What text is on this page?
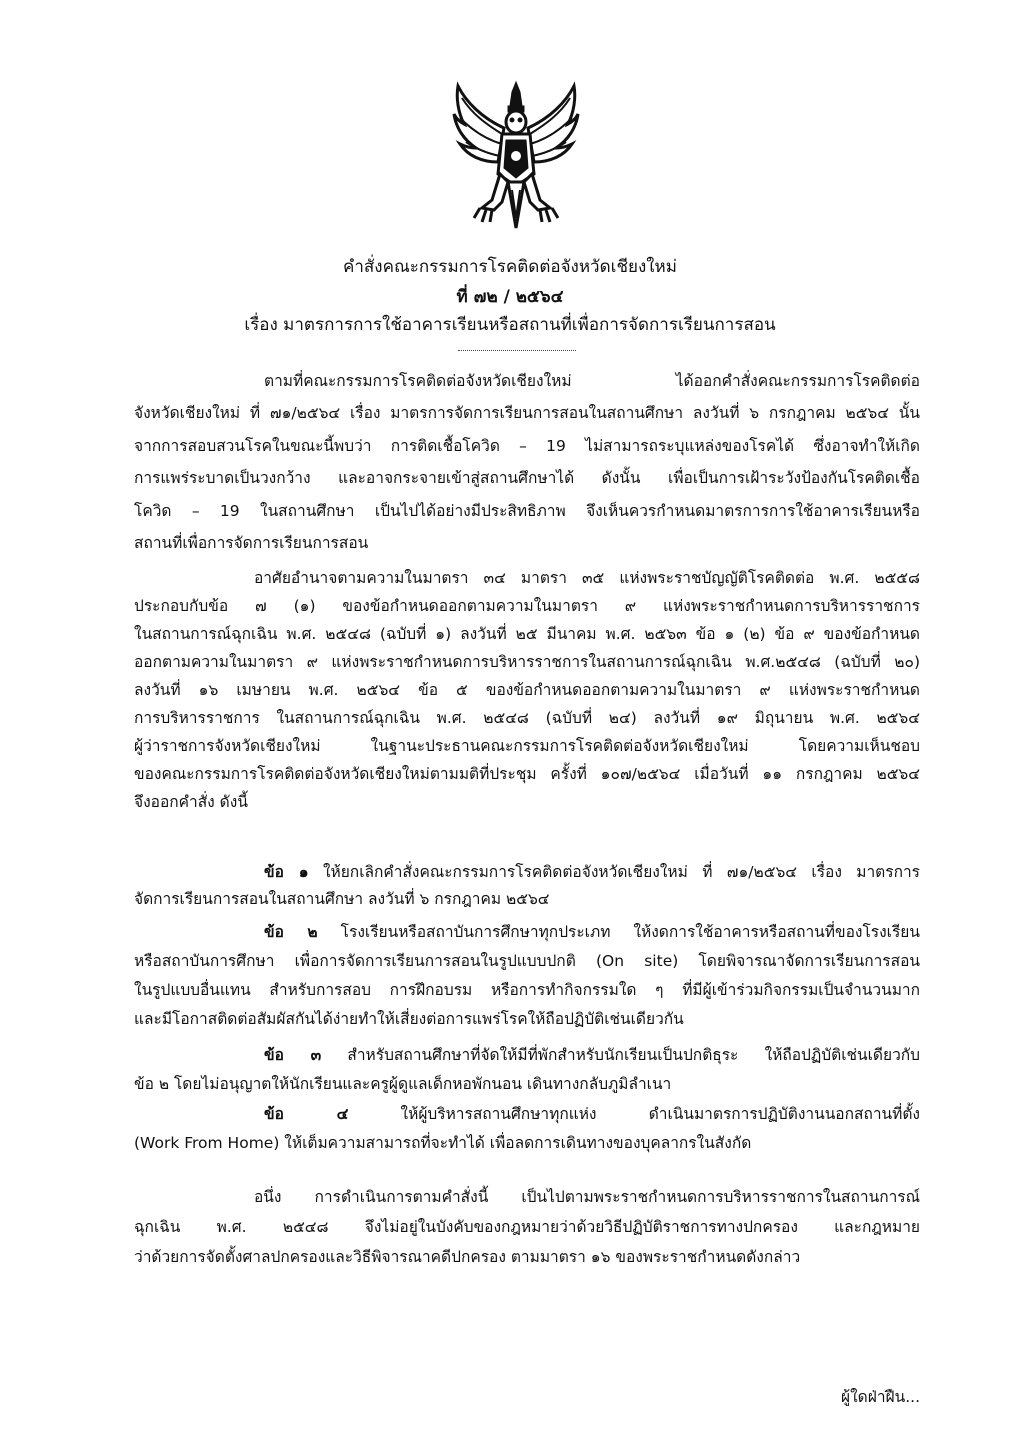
คำสั่งคณะกรรมการโรคติดต่อจังหวัดเชียงใหม่
ที่ ๗๒ / ๒๕๖๔
เรื่อง มาตรการการใช้อาคารเรียนหรือสถานที่เพื่อการจัดการเรียนการสอน
ตามที่คณะกรรมการโรคติดต่อจังหวัดเชียงใหม่ ได้ออกคำสั่งคณะกรรมการโรคติดต่อ
จังหวัดเชียงใหม่ ที่ ๗๑/๒๕๖๔ เรื่อง มาตรการจัดการเรียนการสอนในสถานศึกษา ลงวันที่ ๖ กรกฎาคม ๒๕๖๔ นั้น
จากการสอบสวนโรคในขณะนี้พบว่า การติดเชื้อโควิด – 19 ไม่สามารถระบุแหล่งของโรคได้ ซึ่งอาจทำให้เกิด
การแพร่ระบาดเป็นวงกว้าง และอาจกระจายเข้าสู่สถานศึกษาได้ ดังนั้น เพื่อเป็นการเฝ้าระวังป้องกันโรคติดเชื้อ
โควิด – 19 ในสถานศึกษา เป็นไปได้อย่างมีประสิทธิภาพ จึงเห็นควรกำหนดมาตรการการใช้อาคารเรียนหรือ
สถานที่เพื่อการจัดการเรียนการสอน
อาศัยอำนาจตามความในมาตรา ๓๔ มาตรา ๓๕ แห่งพระราชบัญญัติโรคติดต่อ พ.ศ. ๒๕๕๘
ประกอบกับข้อ ๗ (๑) ของข้อกำหนดออกตามความในมาตรา ๙ แห่งพระราชกำหนดการบริหารราชการ
ในสถานการณ์ฉุกเฉิน พ.ศ. ๒๕๔๘ (ฉบับที่ ๑) ลงวันที่ ๒๕ มีนาคม พ.ศ. ๒๕๖๓ ข้อ ๑ (๒) ข้อ ๙ ของข้อกำหนด
ออกตามความในมาตรา ๙ แห่งพระราชกำหนดการบริหารราชการในสถานการณ์ฉุกเฉิน พ.ศ.๒๕๔๘ (ฉบับที่ ๒๐)
ลงวันที่ ๑๖ เมษายน พ.ศ. ๒๕๖๔ ข้อ ๕ ของข้อกำหนดออกตามความในมาตรา ๙ แห่งพระราชกำหนด
การบริหารราชการ ในสถานการณ์ฉุกเฉิน พ.ศ. ๒๕๔๘ (ฉบับที่ ๒๔) ลงวันที่ ๑๙ มิถุนายน พ.ศ. ๒๕๖๔
ผู้ว่าราชการจังหวัดเชียงใหม่ ในฐานะประธานคณะกรรมการโรคติดต่อจังหวัดเชียงใหม่ โดยความเห็นชอบ
ของคณะกรรมการโรคติดต่อจังหวัดเชียงใหม่ตามมติที่ประชุม ครั้งที่ ๑๐๗/๒๕๖๔ เมื่อวันที่ ๑๑ กรกฎาคม ๒๕๖๔
จึงออกคำสั่ง ดังนี้
ข้อ ๑ ให้ยกเลิกคำสั่งคณะกรรมการโรคติดต่อจังหวัดเชียงใหม่ ที่ ๗๑/๒๕๖๔ เรื่อง มาตรการ
จัดการเรียนการสอนในสถานศึกษา ลงวันที่ ๖ กรกฎาคม ๒๕๖๔
ข้อ ๒ โรงเรียนหรือสถาบันการศึกษาทุกประเภท ให้งดการใช้อาคารหรือสถานที่ของโรงเรียน
หรือสถาบันการศึกษา เพื่อการจัดการเรียนการสอนในรูปแบบปกติ (On site) โดยพิจารณาจัดการเรียนการสอน
ในรูปแบบอื่นแทน สำหรับการสอบ การฝึกอบรม หรือการทำกิจกรรมใด ๆ ที่มีผู้เข้าร่วมกิจกรรมเป็นจำนวนมาก
และมีโอกาสติดต่อสัมผัสกันได้ง่ายทำให้เสี่ยงต่อการแพร่โรคให้ถือปฏิบัติเช่นเดียวกัน
ข้อ ๓ สำหรับสถานศึกษาที่จัดให้มีที่พักสำหรับนักเรียนเป็นปกติธุระ ให้ถือปฏิบัติเช่นเดียวกับ
ข้อ ๒ โดยไม่อนุญาตให้นักเรียนและครูผู้ดูแลเด็กหอพักนอน เดินทางกลับภูมิลำเนา
ข้อ ๔ ให้ผู้บริหารสถานศึกษาทุกแห่ง ดำเนินมาตรการปฏิบัติงานนอกสถานที่ตั้ง
(Work From Home) ให้เต็มความสามารถที่จะทำได้ เพื่อลดการเดินทางของบุคลากรในสังกัด
อนึ่ง การดำเนินการตามคำสั่งนี้ เป็นไปตามพระราชกำหนดการบริหารราชการในสถานการณ์
ฉุกเฉิน พ.ศ. ๒๕๔๘ จึงไม่อยู่ในบังคับของกฎหมายว่าด้วยวิธีปฏิบัติราชการทางปกครอง และกฎหมาย
ว่าด้วยการจัดตั้งศาลปกครองและวิธีพิจารณาคดีปกครอง ตามมาตรา ๑๖ ของพระราชกำหนดดังกล่าว
ผู้ใดฝ่าฝืน...
